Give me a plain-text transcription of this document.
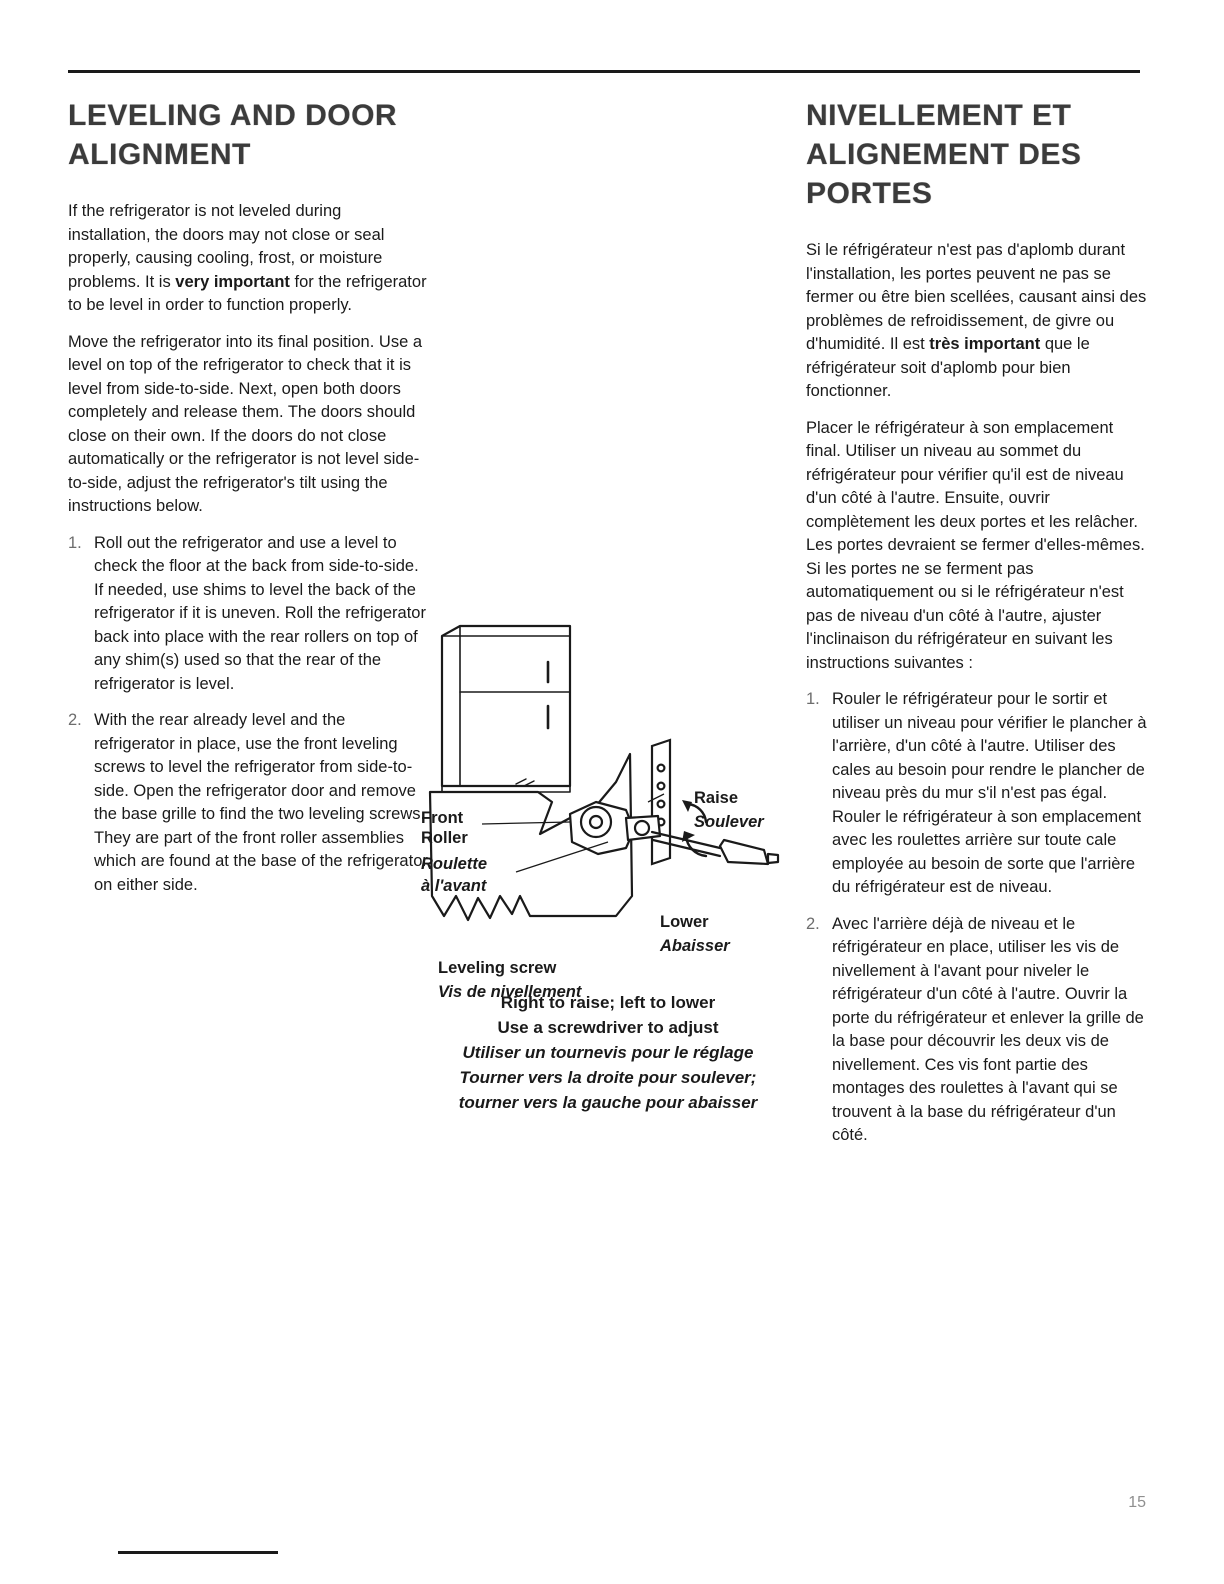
LEVELING AND DOOR ALIGNMENT

If the refrigerator is not leveled during installation, the doors may not close or seal properly, causing cooling, frost, or moisture problems. It is very important for the refrigerator to be level in order to function properly.

Move the refrigerator into its final position. Use a level on top of the refrigerator to check that it is level from side-to-side. Next, open both doors completely and release them. The doors should close on their own. If the doors do not close automatically or the refrigerator is not level side-to-side, adjust the refrigerator's tilt using the instructions below.

1. Roll out the refrigerator and use a level to check the floor at the back from side-to-side. If needed, use shims to level the back of the refrigerator if it is uneven. Roll the refrigerator back into place with the rear rollers on top of any shim(s) used so that the rear of the refrigerator is level.
2. With the rear already level and the refrigerator in place, use the front leveling screws to level the refrigerator from side-to-side. Open the refrigerator door and remove the base grille to find the two leveling screws. They are part of the front roller assemblies which are found at the base of the refrigerator on either side.
NIVELLEMENT ET ALIGNEMENT DES PORTES

Si le réfrigérateur n'est pas d'aplomb durant l'installation, les portes peuvent ne pas se fermer ou être bien scellées, causant ainsi des problèmes de refroidissement, de givre ou d'humidité. Il est très important que le réfrigérateur soit d'aplomb pour bien fonctionner.

Placer le réfrigérateur à son emplacement final. Utiliser un niveau au sommet du réfrigérateur pour vérifier qu'il est de niveau d'un côté à l'autre. Ensuite, ouvrir complètement les deux portes et les relâcher. Les portes devraient se fermer d'elles-mêmes. Si les portes ne se ferment pas automatiquement ou si le réfrigérateur n'est pas de niveau d'un côté à l'autre, ajuster l'inclinaison du réfrigérateur en suivant les instructions suivantes :

1. Rouler le réfrigérateur pour le sortir et utiliser un niveau pour vérifier le plancher à l'arrière, d'un côté à l'autre. Utiliser des cales au besoin pour rendre le plancher de niveau près du mur s'il n'est pas égal. Rouler le réfrigérateur à son emplacement avec les roulettes arrière sur toute cale employée au besoin de sorte que l'arrière du réfrigérateur est de niveau.
2. Avec l'arrière déjà de niveau et le réfrigérateur en place, utiliser les vis de nivellement à l'avant pour niveler le réfrigérateur d'un côté à l'autre. Ouvrir la porte du réfrigérateur et enlever la grille de la base pour découvrir les deux vis de nivellement. Ces vis font partie des montages des roulettes à l'avant qui se trouvent à la base du réfrigérateur d'un côté.
Front
Roller
Roulette
à l'avant
Raise
Soulever
Lower
Abaisser
Leveling screw
Vis de nivellement

Right to raise; left to lower

Use a screwdriver to adjust

Utiliser un tournevis pour le réglage

Tourner vers la droite pour soulever;

tourner vers la gauche pour abaisser

15
